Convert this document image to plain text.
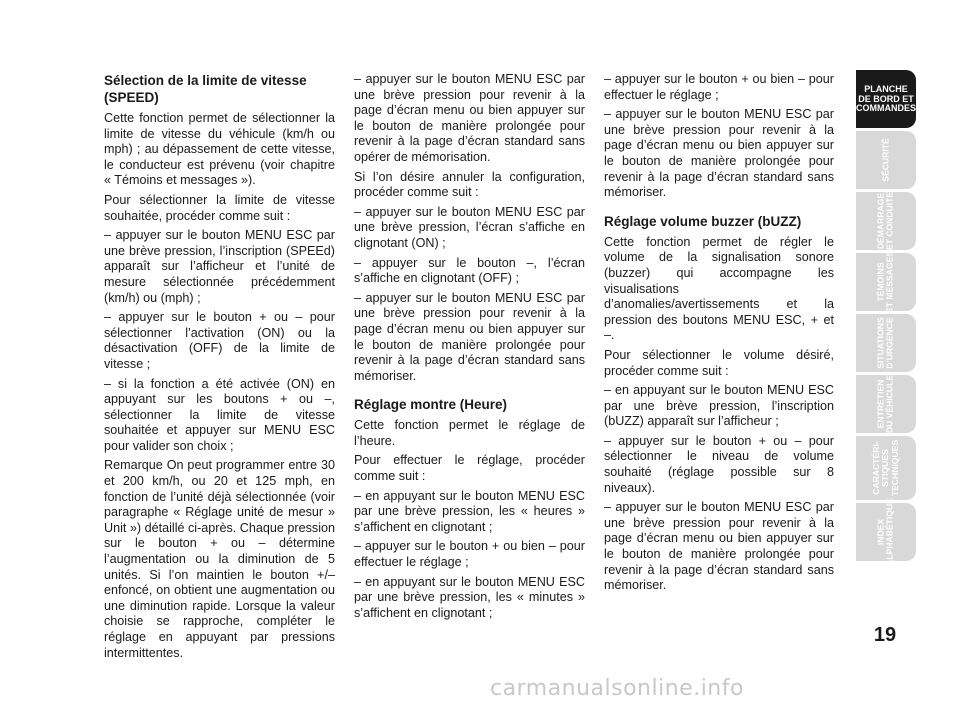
Sélection de la limite de vitesse (SPEED)

Cette fonction permet de sélectionner la limite de vitesse du véhicule (km/h ou mph) ; au dépassement de cette vitesse, le conducteur est prévenu (voir chapitre « Témoins et messages »).

Pour sélectionner la limite de vitesse souhaitée, procéder comme suit :

– appuyer sur le bouton MENU ESC par une brève pression, l’inscription (SPEEd) apparaît sur l’afficheur et l’unité de mesure sélectionnée précédemment (km/h) ou (mph) ;

– appuyer sur le bouton + ou – pour sélectionner l’activation (ON) ou la désactivation (OFF) de la limite de vitesse ;

– si la fonction a été activée (ON) en appuyant sur les boutons + ou –, sélectionner la limite de vitesse souhaitée et appuyer sur MENU ESC pour valider son choix ;

Remarque On peut programmer entre 30 et 200 km/h, ou 20 et 125 mph, en fonction de l’unité déjà sélectionnée (voir paragraphe « Réglage unité de mesur » Unit ») détaillé ci-après. Chaque pression sur le bouton + ou – détermine l’augmentation ou la diminution de 5 unités. Si l’on maintien le bouton +/– enfoncé, on obtient une augmentation ou une diminution rapide. Lorsque la valeur choisie se rapproche, compléter le réglage en appuyant par pressions intermittentes.

– appuyer sur le bouton MENU ESC par une brève pression pour revenir à la page d’écran menu ou bien appuyer sur le bouton de manière prolongée pour revenir à la page d’écran standard sans opérer de mémorisation.

Si l’on désire annuler la configuration, procéder comme suit :

– appuyer sur le bouton MENU ESC par une brève pression, l’écran s’affiche en clignotant (ON) ;

– appuyer sur le bouton –, l’écran s’affiche en clignotant (OFF) ;

– appuyer sur le bouton MENU ESC par une brève pression pour revenir à la page d’écran menu ou bien appuyer sur le bouton de manière prolongée pour revenir à la page d’écran standard sans mémoriser.

Réglage montre (Heure)

Cette fonction permet le réglage de l’heure.

Pour effectuer le réglage, procéder comme suit :

– en appuyant sur le bouton MENU ESC par une brève pression, les « heures » s’affichent en clignotant ;

– appuyer sur le bouton + ou bien – pour effectuer le réglage ;

– en appuyant sur le bouton MENU ESC par une brève pression, les « minutes » s’affichent en clignotant ;

– appuyer sur le bouton + ou bien – pour effectuer le réglage ;

– appuyer sur le bouton MENU ESC par une brève pression pour revenir à la page d’écran menu ou bien appuyer sur le bouton de manière prolongée pour revenir à la page d’écran standard sans mémoriser.

Réglage volume buzzer (bUZZ)

Cette fonction permet de régler le volume de la signalisation sonore (buzzer) qui accompagne les visualisations d’anomalies/avertissements et la pression des boutons MENU ESC, + et –.

Pour sélectionner le volume désiré, procéder comme suit :

– en appuyant sur le bouton MENU ESC par une brève pression, l’inscription (bUZZ) apparaît sur l’afficheur ;

– appuyer sur le bouton + ou – pour sélectionner le niveau de volume souhaité (réglage possible sur 8 niveaux).

– appuyer sur le bouton MENU ESC par une brève pression pour revenir à la page d’écran menu ou bien appuyer sur le bouton de manière prolongée pour revenir à la page d’écran standard sans mémoriser.

PLANCHE
DE BORD ET
COMMANDES
SÉCURITÉ
DÉMARRAGE
ET CONDUITE
TÉMOINS
ET MESSAGES
SITUATIONS
D’URGENCE
ENTRETIEN
DU VÉHICULE
CARACTÉRI-
STIQUES
TECHNIQUES
INDEX
ALPHABÉTIQUE
19
carmanualsonline.info
